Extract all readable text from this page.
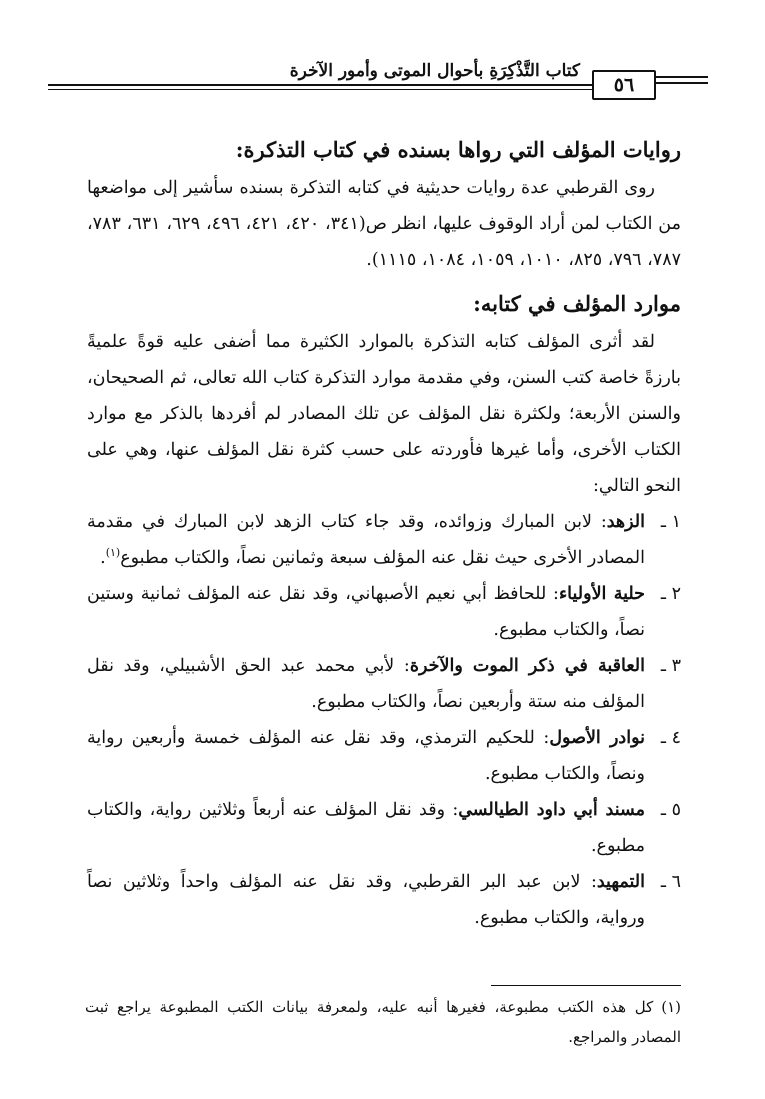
كتاب التَّذْكِرَةِ بأحوال الموتى وأمور الآخرة
٥٦
روايات المؤلف التي رواها بسنده في كتاب التذكرة:

روى القرطبي عدة روايات حديثية في كتابه التذكرة بسنده سأشير إلى مواضعها من الكتاب لمن أراد الوقوف عليها، انظر ص(٣٤١، ٤٢٠، ٤٢١، ٤٩٦، ٦٢٩، ٦٣١، ٧٨٣، ٧٨٧، ٧٩٦، ٨٢٥، ١٠١٠، ١٠٥٩، ١٠٨٤، ١١١٥).

موارد المؤلف في كتابه:

لقد أثرى المؤلف كتابه التذكرة بالموارد الكثيرة مما أضفى عليه قوةً علميةً بارزةً خاصة كتب السنن، وفي مقدمة موارد التذكرة كتاب الله تعالى، ثم الصحيحان، والسنن الأربعة؛ ولكثرة نقل المؤلف عن تلك المصادر لم أفردها بالذكر مع موارد الكتاب الأخرى، وأما غيرها فأوردته على حسب كثرة نقل المؤلف عنها، وهي على النحو التالي:

١ ـ
الزهد: لابن المبارك وزوائده، وقد جاء كتاب الزهد لابن المبارك في مقدمة المصادر الأخرى حيث نقل عنه المؤلف سبعة وثمانين نصاً، والكتاب مطبوع$^{(١)}$.
٢ ـ
حلية الأولياء: للحافظ أبي نعيم الأصبهاني، وقد نقل عنه المؤلف ثمانية وستين نصاً، والكتاب مطبوع.
٣ ـ
العاقبة في ذكر الموت والآخرة: لأبي محمد عبد الحق الأشبيلي، وقد نقل المؤلف منه ستة وأربعين نصاً، والكتاب مطبوع.
٤ ـ
نوادر الأصول: للحكيم الترمذي، وقد نقل عنه المؤلف خمسة وأربعين رواية ونصاً، والكتاب مطبوع.
٥ ـ
مسند أبي داود الطيالسي: وقد نقل المؤلف عنه أربعاً وثلاثين رواية، والكتاب مطبوع.
٦ ـ
التمهيد: لابن عبد البر القرطبي، وقد نقل عنه المؤلف واحداً وثلاثين نصاً ورواية، والكتاب مطبوع.
(١)كل هذه الكتب مطبوعة، فغيرها أنبه عليه، ولمعرفة بيانات الكتب المطبوعة يراجع ثبت المصادر والمراجع.
